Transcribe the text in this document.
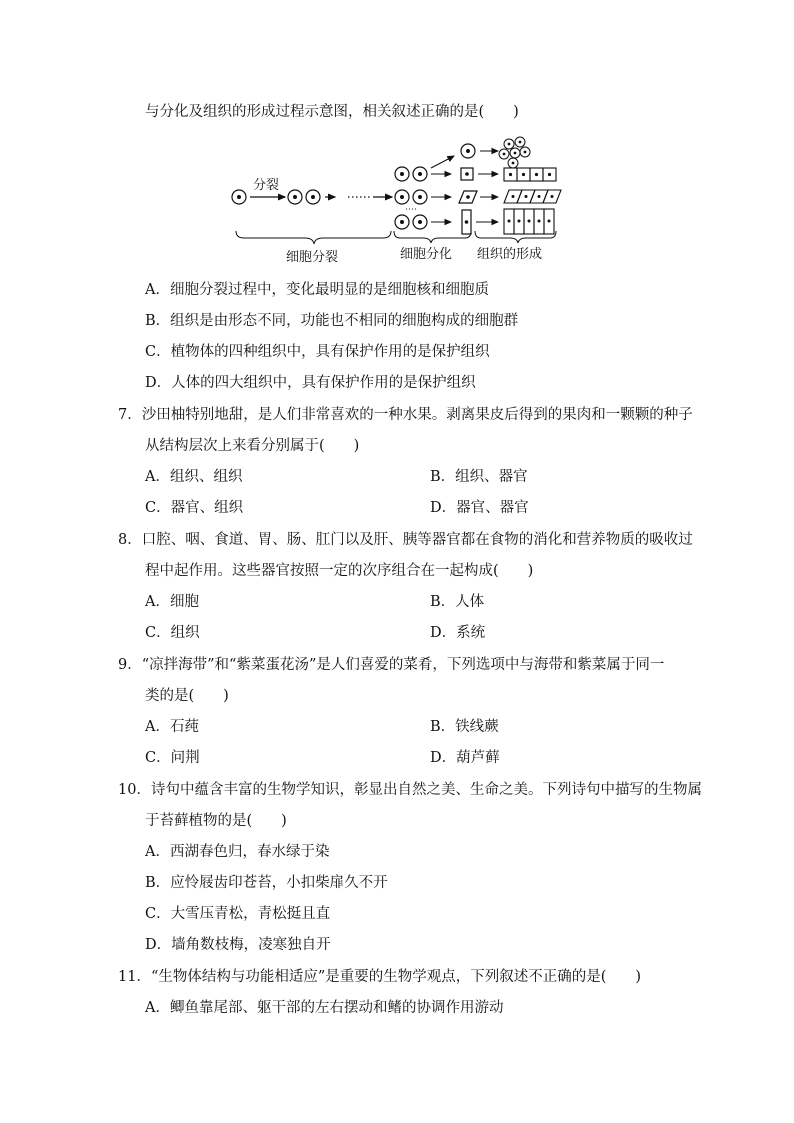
与分化及组织的形成过程示意图，相关叙述正确的是(　　)
分裂
细胞分裂	细胞分化 组织的形成
A．细胞分裂过程中，变化最明显的是细胞核和细胞质
B．组织是由形态不同，功能也不相同的细胞构成的细胞群
C．植物体的四种组织中，具有保护作用的是保护组织
D．人体的四大组织中，具有保护作用的是保护组织
7．沙田柚特别地甜，是人们非常喜欢的一种水果。剥离果皮后得到的果肉和一颗颗的种子
从结构层次上来看分别属于(　　)
A．组织、组织	B．组织、器官
C．器官、组织	D．器官、器官
8．口腔、咽、食道、胃、肠、肛门以及肝、胰等器官都在食物的消化和营养物质的吸收过
程中起作用。这些器官按照一定的次序组合在一起构成(　　)
A．细胞	B．人体
C．组织	D．系统
9．“凉拌海带”和“紫菜蛋花汤”是人们喜爱的菜肴，下列选项中与海带和紫菜属于同一
类的是(　　)
A．石莼	B．铁线蕨
C．问荆	D．葫芦藓
10．诗句中蕴含丰富的生物学知识，彰显出自然之美、生命之美。下列诗句中描写的生物属
于苔藓植物的是(　　)
A．西湖春色归，春水绿于染
B．应怜屐齿印苍苔，小扣柴扉久不开
C．大雪压青松，青松挺且直
D．墙角数枝梅，凌寒独自开
11．“生物体结构与功能相适应”是重要的生物学观点，下列叙述不正确的是(　　)
A．鲫鱼靠尾部、躯干部的左右摆动和鳍的协调作用游动
